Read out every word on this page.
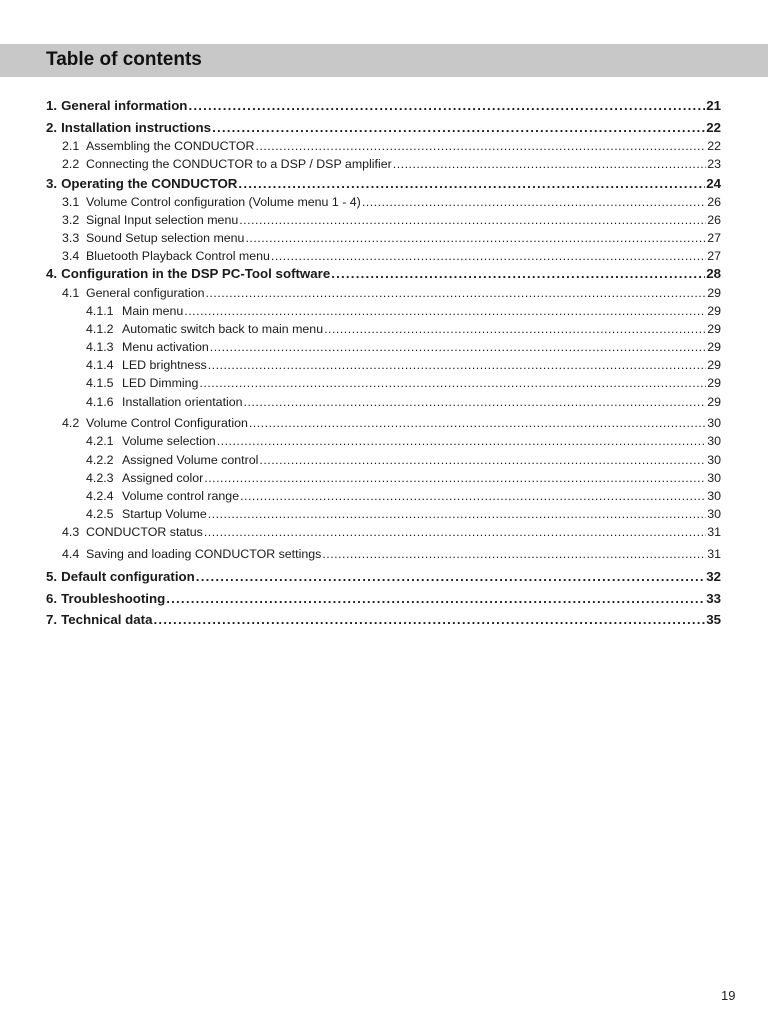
Table of contents
1. General information .....	21
2. Installation instructions .....	22
2.1 Assembling the CONDUCTOR .....	22
2.2 Connecting the CONDUCTOR to a DSP / DSP amplifier .....	23
3. Operating the CONDUCTOR .....	24
3.1 Volume Control configuration (Volume menu 1 - 4) .....	26
3.2 Signal Input selection menu .....	26
3.3 Sound Setup selection menu .....	27
3.4 Bluetooth Playback Control menu .....	27
4. Configuration in the DSP PC-Tool software .....	28
4.1 General configuration .....	29
4.1.1 Main menu .....	29
4.1.2 Automatic switch back to main menu .....	29
4.1.3 Menu activation .....	29
4.1.4 LED brightness .....	29
4.1.5 LED Dimming .....	29
4.1.6 Installation orientation .....	29
4.2 Volume Control Configuration .....	30
4.2.1 Volume selection .....	30
4.2.2 Assigned Volume control .....	30
4.2.3 Assigned color .....	30
4.2.4 Volume control range .....	30
4.2.5 Startup Volume .....	30
4.3 CONDUCTOR status .....	31
4.4 Saving and loading CONDUCTOR settings .....	31
5. Default configuration .....	32
6. Troubleshooting .....	33
7. Technical data .....	35
19
